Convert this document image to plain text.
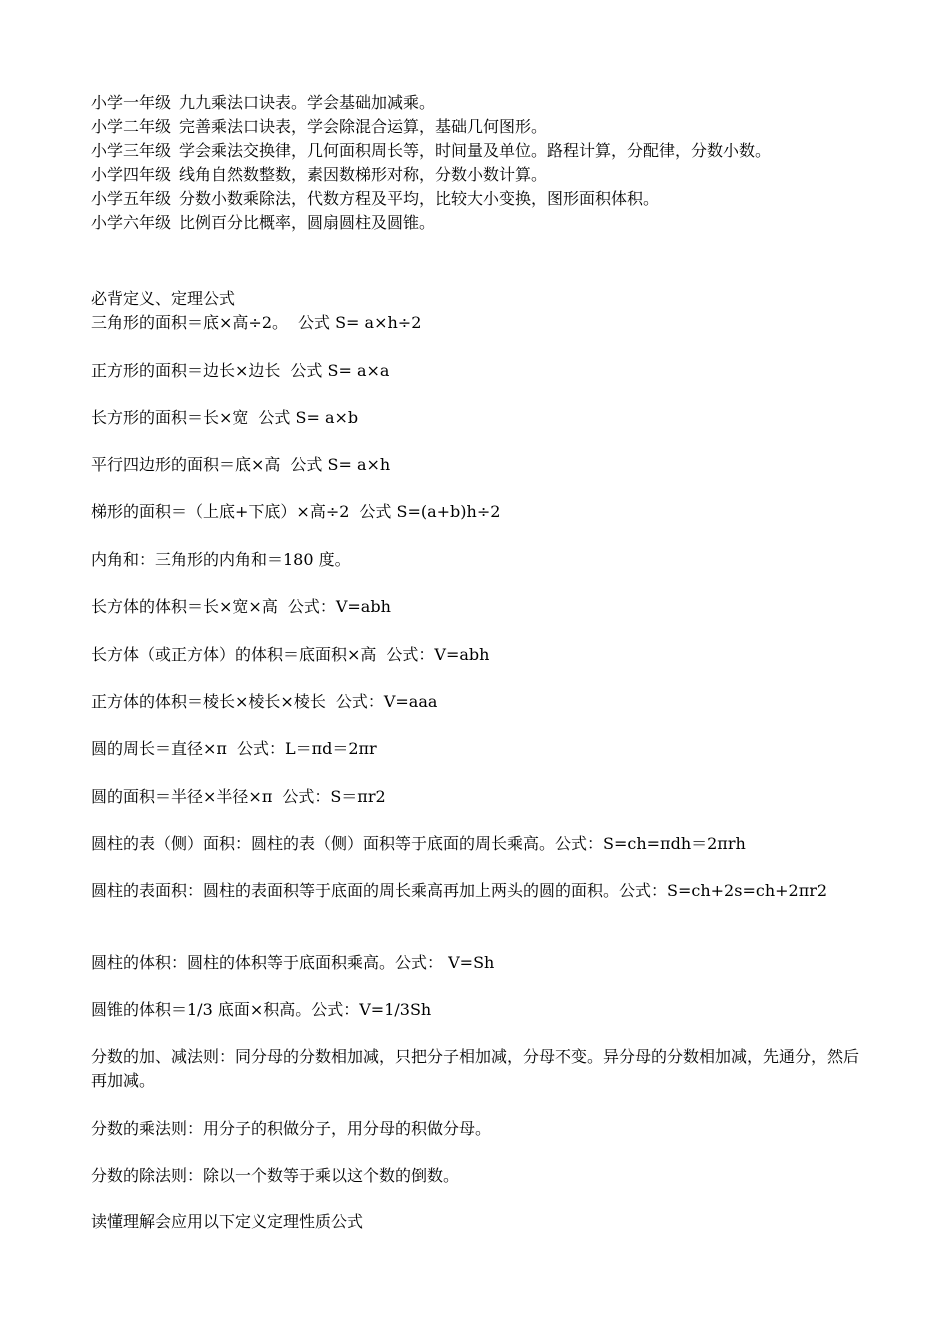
小学一年级 九九乘法口诀表。学会基础加减乘。
小学二年级 完善乘法口诀表，学会除混合运算，基础几何图形。
小学三年级 学会乘法交换律，几何面积周长等，时间量及单位。路程计算，分配律，分数小数。
小学四年级 线角自然数整数，素因数梯形对称，分数小数计算。
小学五年级 分数小数乘除法，代数方程及平均，比较大小变换，图形面积体积。
小学六年级 比例百分比概率，圆扇圆柱及圆锥。
必背定义、定理公式
三角形的面积＝底×高÷2。 公式 S= a×h÷2
正方形的面积＝边长×边长 公式 S= a×a
长方形的面积＝长×宽 公式 S= a×b
平行四边形的面积＝底×高 公式 S= a×h
梯形的面积＝（上底+下底）×高÷2 公式 S=(a+b)h÷2
内角和：三角形的内角和＝180 度。
长方体的体积＝长×宽×高 公式：V=abh
长方体（或正方体）的体积＝底面积×高 公式：V=abh
正方体的体积＝棱长×棱长×棱长 公式：V=aaa
圆的周长＝直径×π 公式：L＝πd＝2πr
圆的面积＝半径×半径×π 公式：S＝πr2
圆柱的表（侧）面积：圆柱的表（侧）面积等于底面的周长乘高。公式：S=ch=πdh＝2πrh
圆柱的表面积：圆柱的表面积等于底面的周长乘高再加上两头的圆的面积。公式：S=ch+2s=ch+2πr2
圆柱的体积：圆柱的体积等于底面积乘高。公式： V=Sh
圆锥的体积＝1/3 底面×积高。公式：V=1/3Sh
分数的加、减法则：同分母的分数相加减，只把分子相加减，分母不变。异分母的分数相加减，先通分，然后再加减。
分数的乘法则：用分子的积做分子，用分母的积做分母。
分数的除法则：除以一个数等于乘以这个数的倒数。
读懂理解会应用以下定义定理性质公式
